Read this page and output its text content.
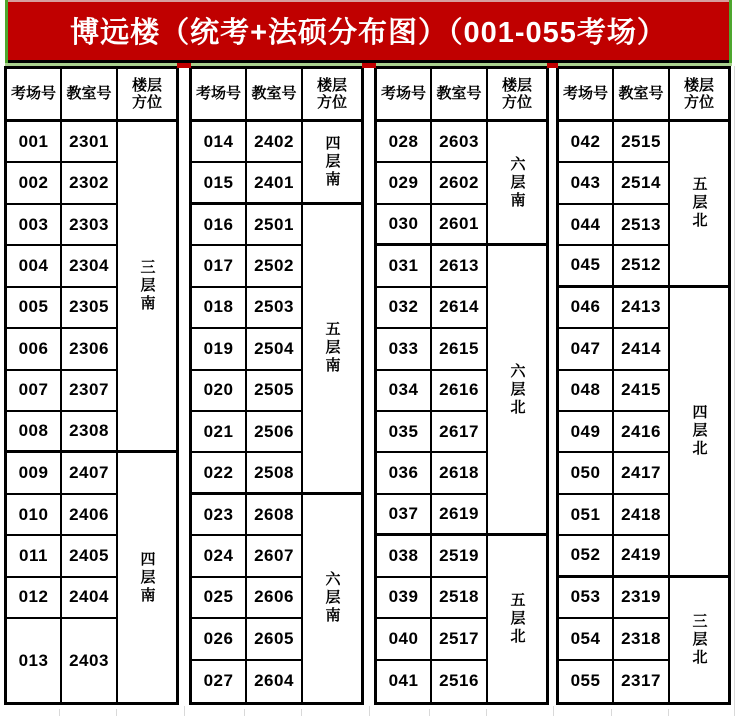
博远楼（统考+法硕分布图）（001-055考场）
考场号 教室号
楼层方位
001	2301
002	2302
003	2303
004	2304
005	2305
006	2306
007	2307
008	2308
三层南
009	2407
010	2406
011	2405
012	2404
013	2403
四层南
考场号 教室号
楼层方位
014	2402
015	2401	四层南
016	2501
017	2502
018	2503
019	2504
020	2505
021	2506
022	2508
五层南
023	2608
024	2607
025	2606
026	2605
027	2604
六层南
考场号 教室号
楼层方位
028	2603
029	2602
030	2601
六层南
031	2613
032	2614
033	2615
034	2616
035	2617
036	2618
037	2619
六层北
038	2519
039	2518
040	2517
041	2516
五层北
考场号 教室号
楼层方位
042	2515
043	2514
044	2513
045	2512
五层北
046	2413
047	2414
048	2415
049	2416
050	2417
051	2418
052	2419
四层北
053	2319
054	2318
055	2317
三层北
